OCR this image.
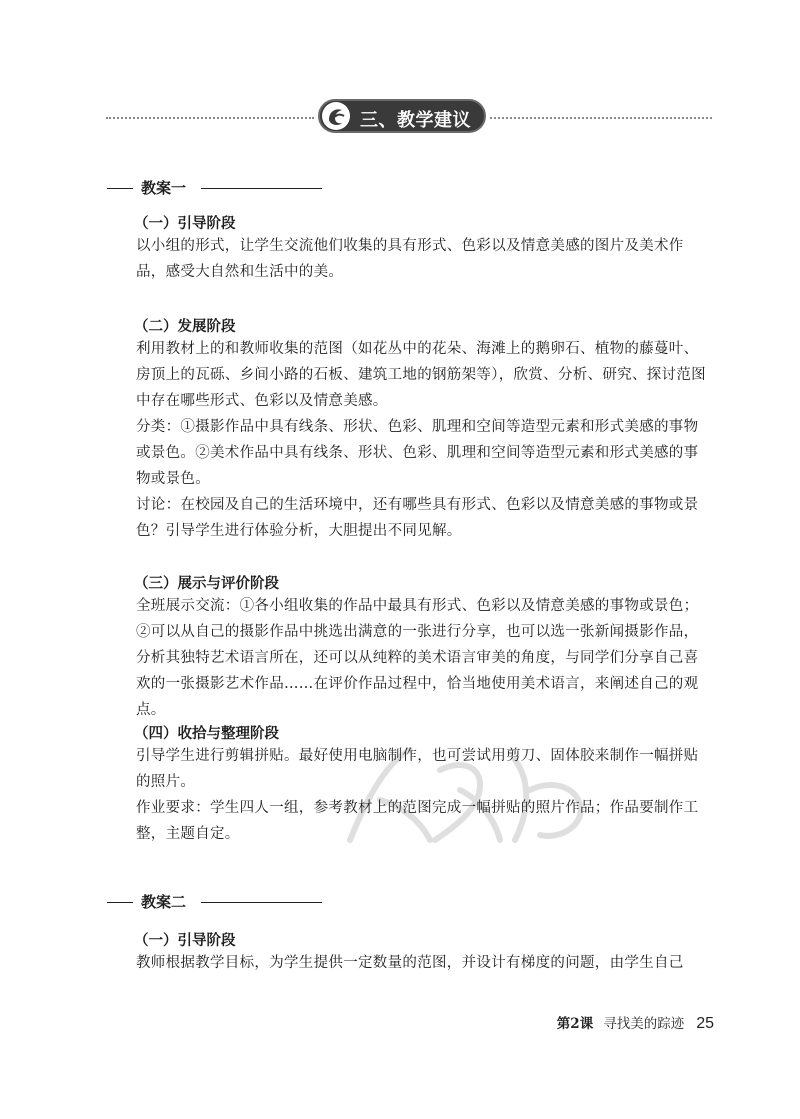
三、教学建议
教案一
（一）引导阶段

以小组的形式，让学生交流他们收集的具有形式、色彩以及情意美感的图片及美术作品，感受大自然和生活中的美。

（二）发展阶段

利用教材上的和教师收集的范图（如花丛中的花朵、海滩上的鹅卵石、植物的藤蔓叶、房顶上的瓦砾、乡间小路的石板、建筑工地的钢筋架等），欣赏、分析、研究、探讨范图中存在哪些形式、色彩以及情意美感。

分类：①摄影作品中具有线条、形状、色彩、肌理和空间等造型元素和形式美感的事物或景色。②美术作品中具有线条、形状、色彩、肌理和空间等造型元素和形式美感的事物或景色。

讨论：在校园及自己的生活环境中，还有哪些具有形式、色彩以及情意美感的事物或景色？引导学生进行体验分析，大胆提出不同见解。

（三）展示与评价阶段

全班展示交流：①各小组收集的作品中最具有形式、色彩以及情意美感的事物或景色；②可以从自己的摄影作品中挑选出满意的一张进行分享，也可以选一张新闻摄影作品，分析其独特艺术语言所在，还可以从纯粹的美术语言审美的角度，与同学们分享自己喜欢的一张摄影艺术作品……在评价作品过程中，恰当地使用美术语言，来阐述自己的观点。

（四）收拾与整理阶段

引导学生进行剪辑拼贴。最好使用电脑制作，也可尝试用剪刀、固体胶来制作一幅拼贴的照片。

作业要求：学生四人一组，参考教材上的范图完成一幅拼贴的照片作品；作品要制作工整，主题自定。

教案二
（一）引导阶段

教师根据教学目标，为学生提供一定数量的范图，并设计有梯度的问题，由学生自己

第2课 寻找美的踪迹 25
